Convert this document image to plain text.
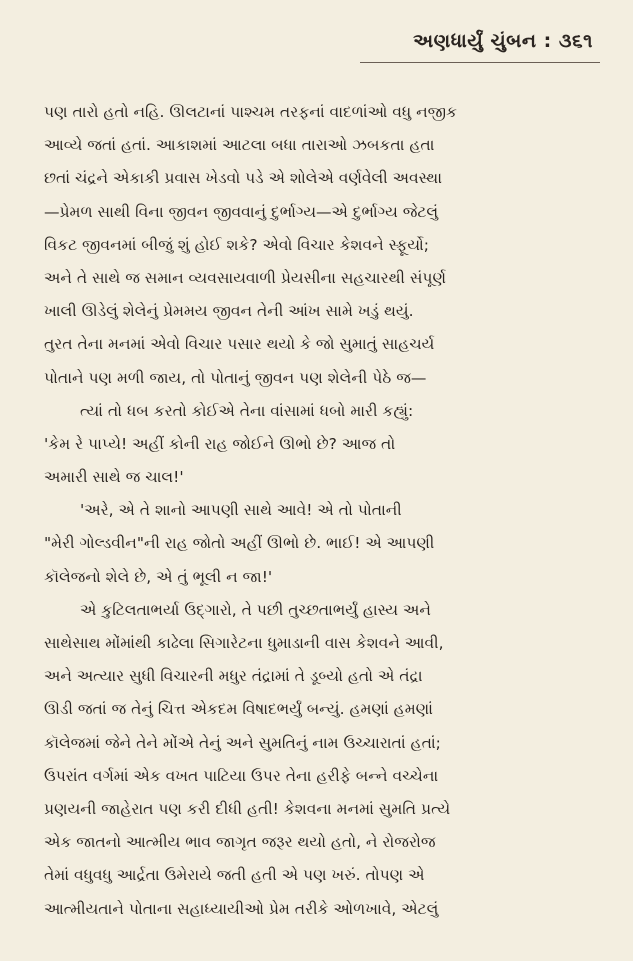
અણધાર્યું ચુંબન : ૩૬૧
પણ તારો હતો નહિ. ઊલટાનાં પાશ્ચમ તરફનાં વાદળાંઓ વધુ નજીક
આવ્યે જતાં હતાં. આકાશમાં આટલા બધા તારાઓ ઝબકતા હતા
છતાં ચંદ્રને એકાકી પ્રવાસ ખેડવો પડે એ શોલેએ વર્ણવેલી અવસ્થા
—પ્રેમળ સાથી વિના જીવન જીવવાનું દુર્ભાગ્ય—એ દુર્ભાગ્ય જેટલું
વિકટ જીવનમાં બીજું શું હોઈ શકે? એવો વિચાર કેશવને સ્ફૂર્યો;
અને તે સાથે જ સમાન વ્યવસાયવાળી પ્રેયસીના સહચારથી સંપૂર્ણ
ખાલી ઊડેલું શેલેનું પ્રેમમય જીવન તેની આંખ સામે ખડું થયું.
તુરત તેના મનમાં એવો વિચાર પસાર થયો કે જો સુમાતું સાહચર્ય
પોતાને પણ મળી જાય, તો પોતાનું જીવન પણ શેલેની પેઠે જ—
ત્યાં તો ધબ કરતો કોઈએ તેના વાંસામાં ધબો મારી કહ્યું:
'કેમ રે પાપ્યે! અહીં કોની રાહ જોઈને ઊભો છે? આજ તો
અમારી સાથે જ ચાલ!'
'અરે, એ તે શાનો આપણી સાથે આવે! એ તો પોતાની
"મેરી ગોલ્ડવીન"ની રાહ જોતો અહીં ઊભો છે. ભાઈ! એ આપણી
કૉલેજનો શેલે છે, એ તું ભૂલી ન જા!'
એ કુટિલતાભર્યા ઉદ્ગારો, તે પછી તુચ્છતાભર્યું હાસ્ય અને
સાથેસાથ મોંમાંથી કાઢેલા સિગારેટના ધુમાડાની વાસ કેશવને આવી,
અને અત્યાર સુધી વિચારની મધુર તંદ્રામાં તે ડૂબ્યો હતો એ તંદ્રા
ઊડી જતાં જ તેનું ચિત્ત એકદમ વિષાદભર્યું બન્યું. હમણાં હમણાં
કૉલેજમાં જેને તેને મોંએ તેનું અને સુમતિનું નામ ઉચ્ચારાતાં હતાં;
ઉપરાંત વર્ગમાં એક વખત પાટિયા ઉપર તેના હરીફે બન્ને વચ્ચેના
પ્રણયની જાહેરાત પણ કરી દીધી હતી! કેશવના મનમાં સુમતિ પ્રત્યે
એક જાતનો આત્મીય ભાવ જાગૃત જરૂર થયો હતો, ને રોજરોજ
તેમાં વધુવધુ આર્દ્રતા ઉમેરાયે જતી હતી એ પણ ખરું. તોપણ એ
આત્મીયતાને પોતાના સહાધ્યાયીઓ પ્રેમ તરીકે ઓળખાવે, એટલું
